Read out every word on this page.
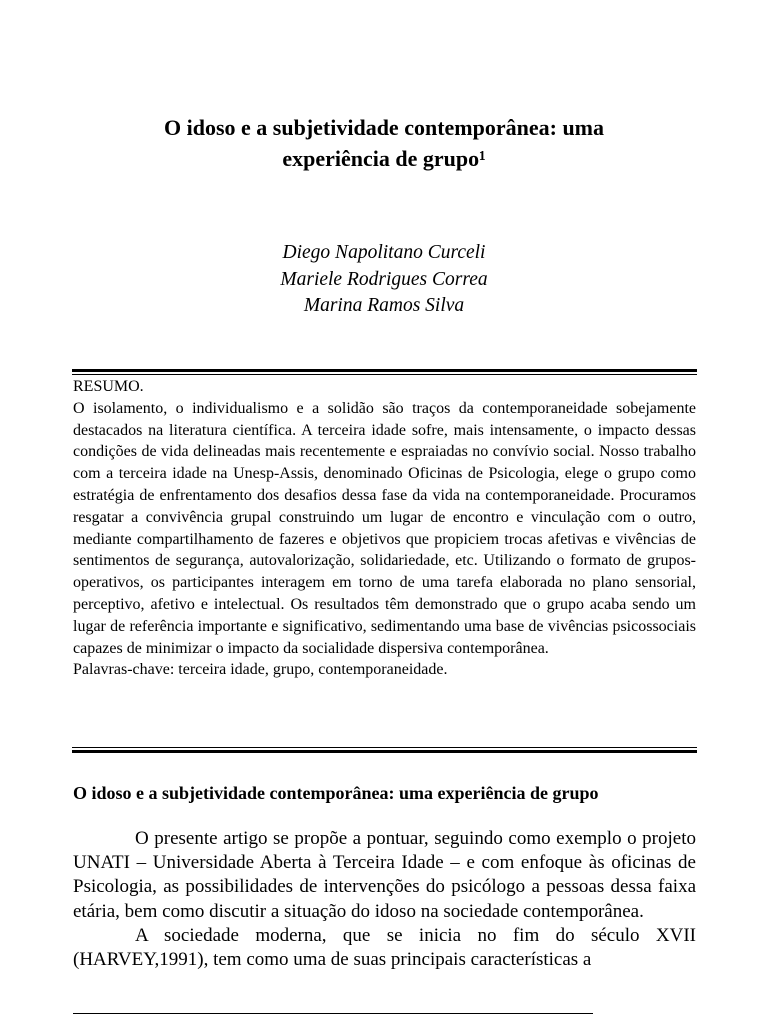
O idoso e a subjetividade contemporânea: uma
experiência de grupo¹
Diego Napolitano Curceli
Mariele Rodrigues Correa
Marina Ramos Silva

RESUMO.

O isolamento, o individualismo e a solidão são traços da contemporaneidade sobejamente destacados na literatura científica. A terceira idade sofre, mais intensamente, o impacto dessas condições de vida delineadas mais recentemente e espraiadas no convívio social. Nosso trabalho com a terceira idade na Unesp-Assis, denominado Oficinas de Psicologia, elege o grupo como estratégia de enfrentamento dos desafios dessa fase da vida na contemporaneidade. Procuramos resgatar a convivência grupal construindo um lugar de encontro e vinculação com o outro, mediante compartilhamento de fazeres e objetivos que propiciem trocas afetivas e vivências de sentimentos de segurança, autovalorização, solidariedade, etc. Utilizando o formato de grupos-operativos, os participantes interagem em torno de uma tarefa elaborada no plano sensorial, perceptivo, afetivo e intelectual. Os resultados têm demonstrado que o grupo acaba sendo um lugar de referência importante e significativo, sedimentando uma base de vivências psicossociais capazes de minimizar o impacto da socialidade dispersiva contemporânea.

Palavras-chave: terceira idade, grupo, contemporaneidade.

O idoso e a subjetividade contemporânea: uma experiência de grupo

O presente artigo se propõe a pontuar, seguindo como exemplo o projeto UNATI – Universidade Aberta à Terceira Idade – e com enfoque às oficinas de Psicologia, as possibilidades de intervenções do psicólogo a pessoas dessa faixa etária, bem como discutir a situação do idoso na sociedade contemporânea.

A sociedade moderna, que se inicia no fim do século XVII (HARVEY,1991), tem como uma de suas principais características a
